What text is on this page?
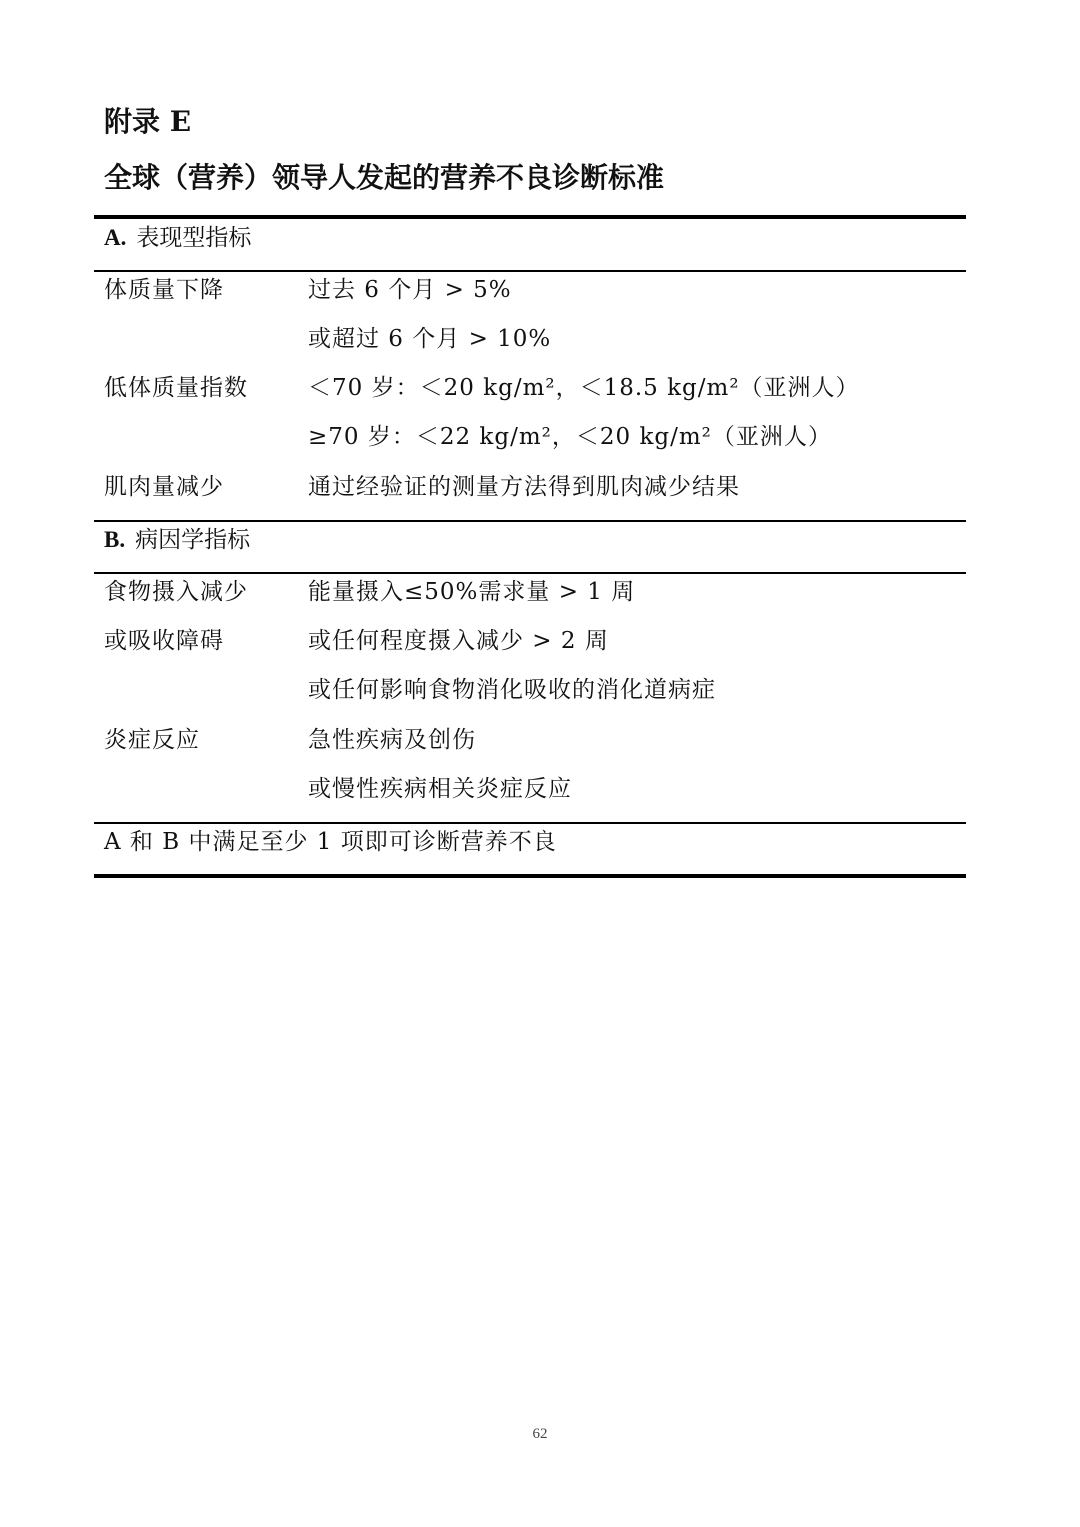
附录 E
全球（营养）领导人发起的营养不良诊断标准
A. 表现型指标
体质量下降	过去 6 个月 > 5%
或超过 6 个月 > 10%
低体质量指数	＜70 岁：＜20 kg/m²，＜18.5 kg/m²（亚洲人）
≥70 岁：＜22 kg/m²，＜20 kg/m²（亚洲人）
肌肉量减少	通过经验证的测量方法得到肌肉减少结果
B. 病因学指标
食物摄入减少	能量摄入≤50%需求量 > 1 周
或吸收障碍	或任何程度摄入减少 > 2 周
或任何影响食物消化吸收的消化道病症
炎症反应	急性疾病及创伤
或慢性疾病相关炎症反应
A 和 B 中满足至少 1 项即可诊断营养不良
62
